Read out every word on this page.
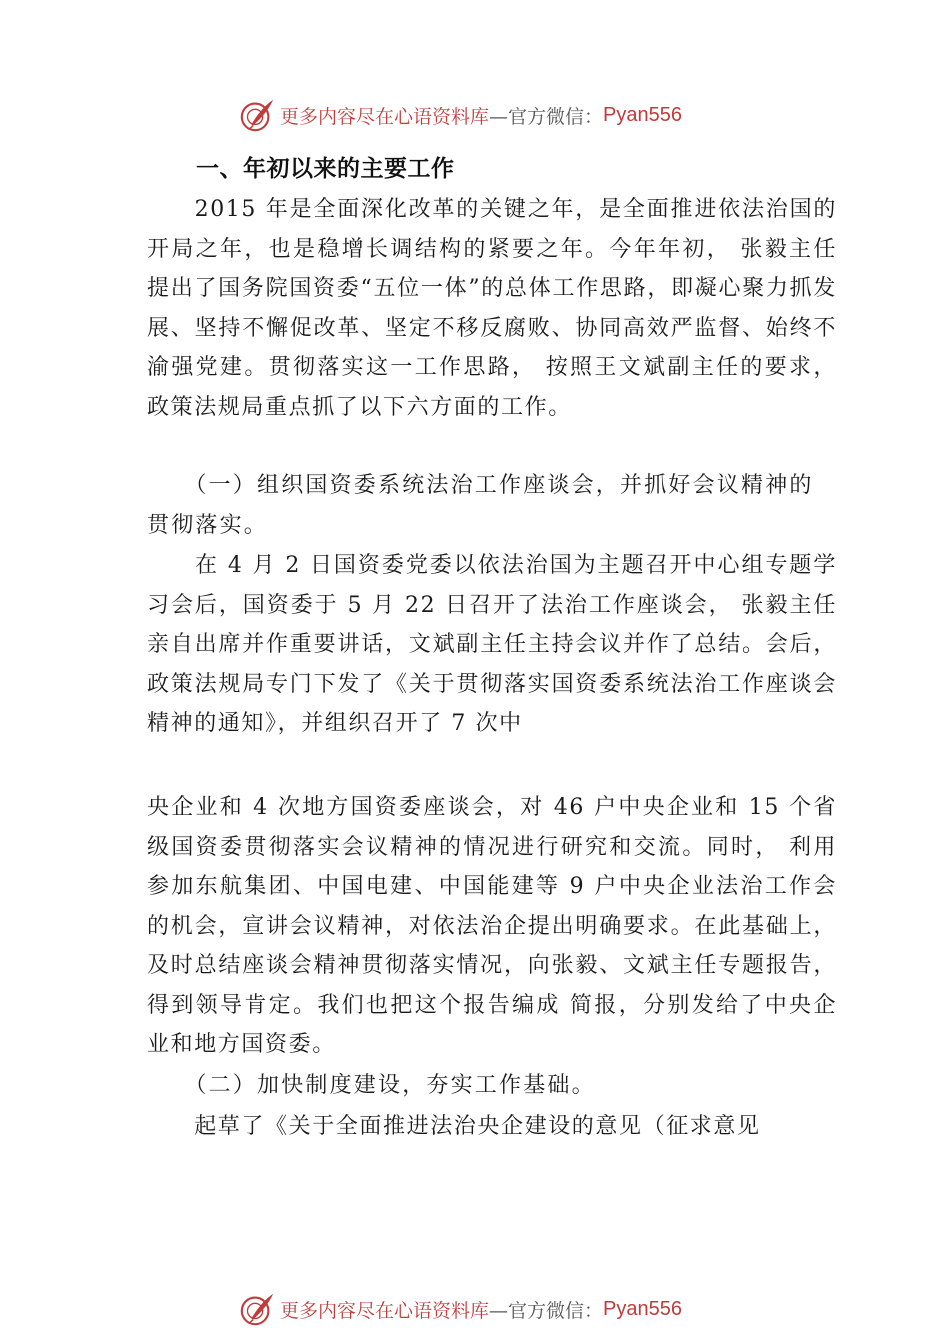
更多内容尽在心语资料库 —官方微信： Pyan556
一、年初以来的主要工作

　　2015 年是全面深化改革的关键之年，是全面推进依法治国的开局之年，也是稳增长调结构的紧要之年。今年年初， 张毅主任提出了国务院国资委“五位一体”的总体工作思路，即凝心聚力抓发展、坚持不懈促改革、坚定不移反腐败、协同高效严监督、始终不渝强党建。贯彻落实这一工作思路， 按照王文斌副主任的要求，政策法规局重点抓了以下六方面的工作。

　　（一）组织国资委系统法治工作座谈会，并抓好会议精神的贯彻落实。

　　在 4 月 2 日国资委党委以依法治国为主题召开中心组专题学习会后，国资委于 5 月 22 日召开了法治工作座谈会， 张毅主任亲自出席并作重要讲话，文斌副主任主持会议并作了总结。会后，政策法规局专门下发了《关于贯彻落实国资委系统法治工作座谈会精神的通知》，并组织召开了 7 次中

央企业和 4 次地方国资委座谈会，对 46 户中央企业和 15 个省级国资委贯彻落实会议精神的情况进行研究和交流。同时， 利用参加东航集团、中国电建、中国能建等 9 户中央企业法治工作会的机会，宣讲会议精神，对依法治企提出明确要求。在此基础上，及时总结座谈会精神贯彻落实情况，向张毅、文斌主任专题报告，得到领导肯定。我们也把这个报告编成 简报，分别发给了中央企业和地方国资委。

　　（二）加快制度建设，夯实工作基础。

　　起草了《关于全面推进法治央企建设的意见（征求意见

更多内容尽在心语资料库 —官方微信： Pyan556
